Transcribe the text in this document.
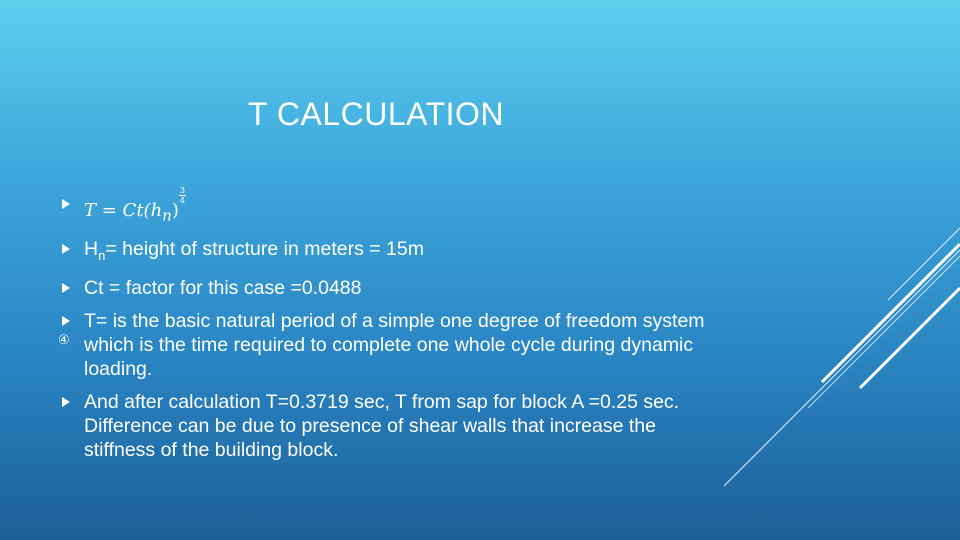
T CALCULATION
$T = Ct(h_n)$
$\frac{3}{4}$
$H_n=$ height of structure in meters = 15m
Ct = factor for this case =0.0488
④
T= is the basic natural period of a simple one degree of freedom system which is the time required to complete one whole cycle during dynamic loading.
And after calculation T=0.3719 sec, T from sap for block A =0.25 sec. Difference can be due to presence of shear walls that increase the stiffness of the building block.
